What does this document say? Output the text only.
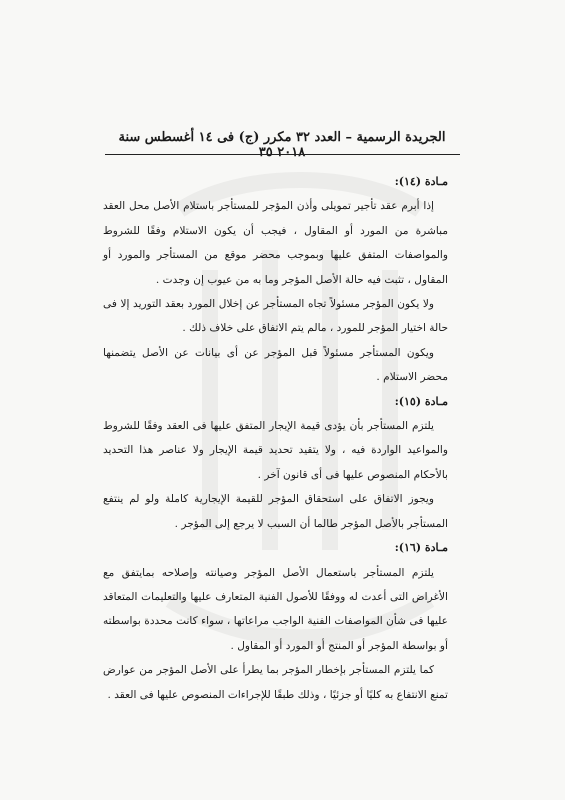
الجريدة الرسمية – العدد ٣٢ مكرر (ج) فى ١٤ أغسطس سنة ٢٠١٨ ٣٥

مـادة (١٤):

إذا أبرم عقد تأجير تمويلى وأذن المؤجر للمستأجر باستلام الأصل محل العقد مباشرة من المورد أو المقاول ، فيجب أن يكون الاستلام وفقًا للشروط والمواصفات المتفق عليها وبموجب محضر موقع من المستأجر والمورد أو المقاول ، تثبت فيه حالة الأصل المؤجر وما به من عيوب إن وجدت .

ولا يكون المؤجر مسئولاً تجاه المستأجر عن إخلال المورد بعقد التوريد إلا فى حالة اختيار المؤجر للمورد ، مالم يتم الاتفاق على خلاف ذلك .

ويكون المستأجر مسئولاً قبل المؤجر عن أى بيانات عن الأصل يتضمنها محضر الاستلام .

مـادة (١٥):

يلتزم المستأجر بأن يؤدى قيمة الإيجار المتفق عليها فى العقد وفقًا للشروط والمواعيد الواردة فيه ، ولا يتقيد تحديد قيمة الإيجار ولا عناصر هذا التحديد بالأحكام المنصوص عليها فى أى قانون آخر .

ويجوز الاتفاق على استحقاق المؤجر للقيمة الإيجارية كاملة ولو لم ينتفع المستأجر بالأصل المؤجر طالما أن السبب لا يرجع إلى المؤجر .

مـادة (١٦):

يلتزم المستأجر باستعمال الأصل المؤجر وصيانته وإصلاحه بمايتفق مع الأغراض التى أعدت له ووفقًا للأصول الفنية المتعارف عليها والتعليمات المتعاقد عليها فى شأن المواصفات الفنية الواجب مراعاتها ، سواء كانت محددة بواسطته أو بواسطة المؤجر أو المنتج أو المورد أو المقاول .

كما يلتزم المستأجر بإخطار المؤجر بما يطرأ على الأصل المؤجر من عوارض تمنع الانتفاع به كليًا أو جزئيًا ، وذلك طبقًا للإجراءات المنصوص عليها فى العقد .
